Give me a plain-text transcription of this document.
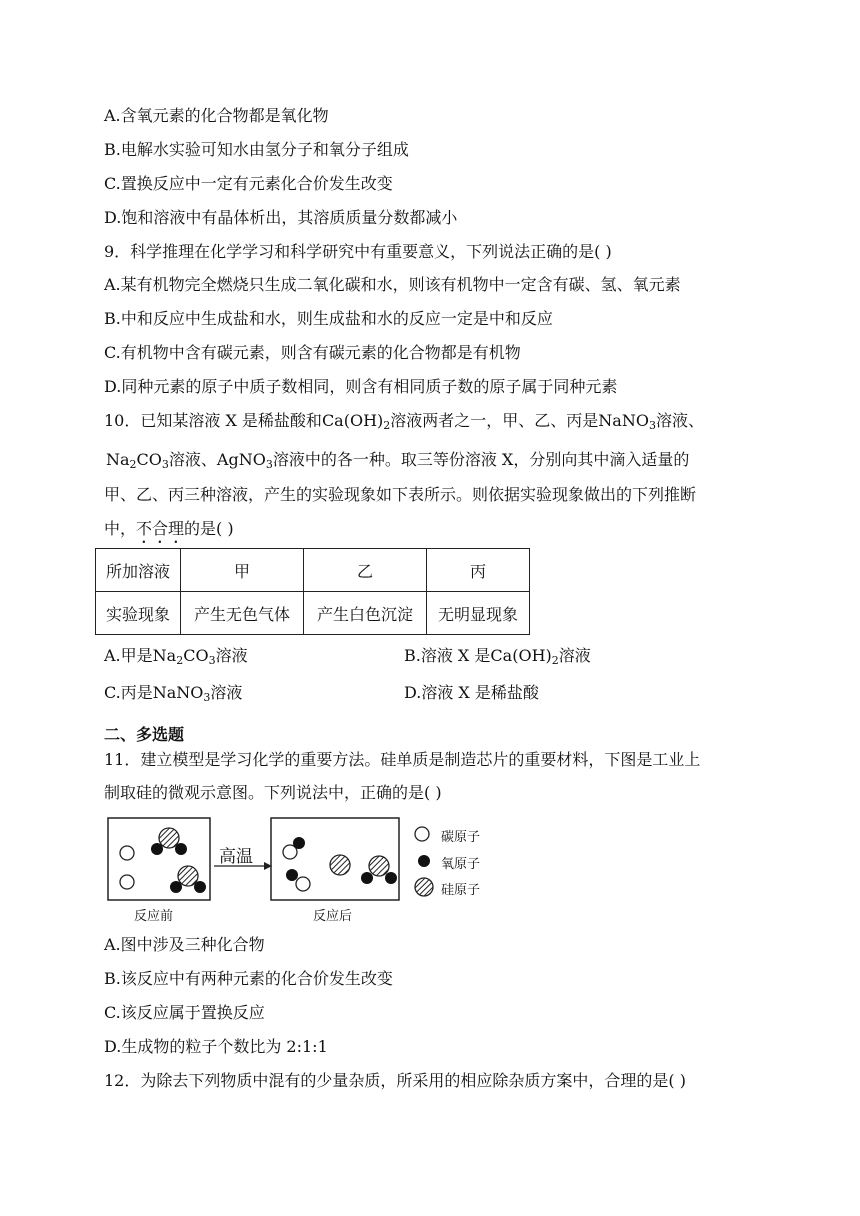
A.含氧元素的化合物都是氧化物
B.电解水实验可知水由氢分子和氧分子组成
C.置换反应中一定有元素化合价发生改变
D.饱和溶液中有晶体析出，其溶质质量分数都减小
9．科学推理在化学学习和科学研究中有重要意义，下列说法正确的是( )
A.某有机物完全燃烧只生成二氧化碳和水，则该有机物中一定含有碳、氢、氧元素
B.中和反应中生成盐和水，则生成盐和水的反应一定是中和反应
C.有机物中含有碳元素，则含有碳元素的化合物都是有机物
D.同种元素的原子中质子数相同，则含有相同质子数的原子属于同种元素
10．已知某溶液 X 是稀盐酸和$Ca(OH)_2$溶液两者之一，甲、乙、丙是NaNO$_3$溶液、
$Na_2CO_3$溶液、AgNO$_3$溶液中的各一种。取三等份溶液 X，分别向其中滴入适量的
甲、乙、丙三种溶液，产生的实验现象如下表所示。则依据实验现象做出的下列推断
中，不合理的是( )
所加溶液	甲	乙	丙
实验现象	产生无色气体	产生白色沉淀	无明显现象
A.甲是$Na_2CO_3$溶液	B.溶液 X 是$Ca(OH)_2$溶液
C.丙是NaNO$_3$溶液	D.溶液 X 是稀盐酸
二、多选题
11．建立模型是学习化学的重要方法。硅单质是制造芯片的重要材料，下图是工业上
制取硅的微观示意图。下列说法中，正确的是( )
高温
反应前	反应后
碳原子
氧原子
硅原子
A.图中涉及三种化合物
B.该反应中有两种元素的化合价发生改变
C.该反应属于置换反应
D.生成物的粒子个数比为 2:1:1
12．为除去下列物质中混有的少量杂质，所采用的相应除杂质方案中，合理的是( )
